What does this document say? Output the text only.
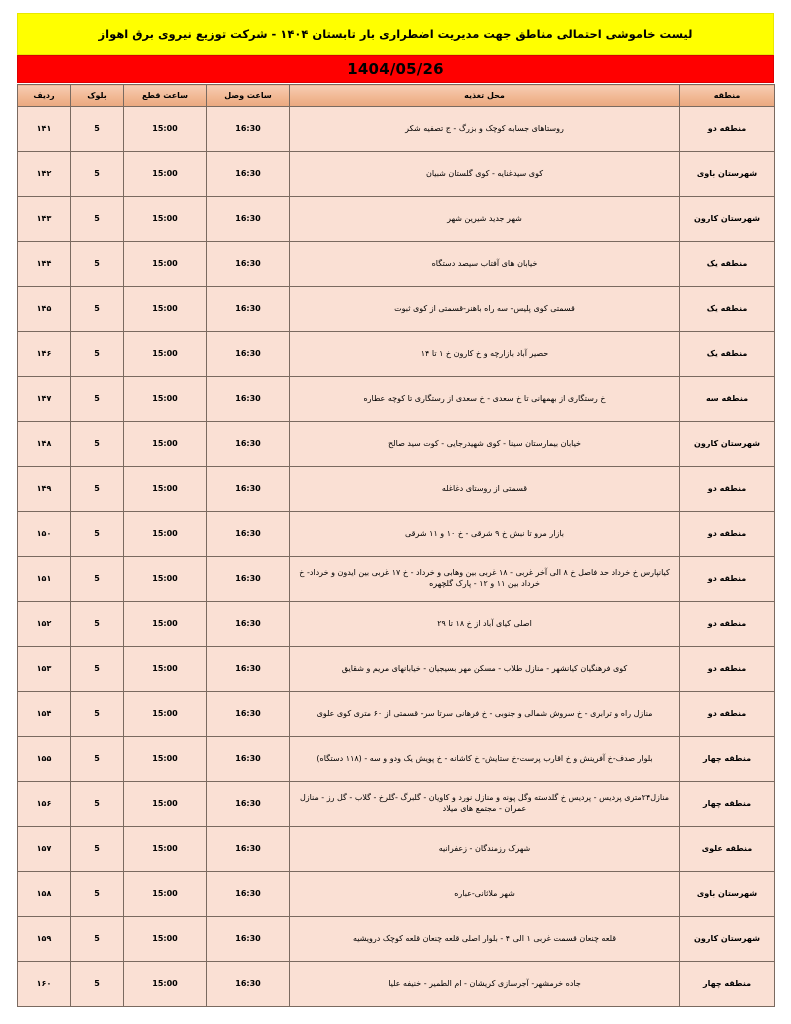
لیست خاموشی احتمالی مناطق جهت مدیریت اضطراری بار تابستان ۱۴۰۴ - شرکت توزیع نیروی برق اهواز
1404/05/26
منطقه	محل تغذیه	ساعت وصل	ساعت قطع	بلوک	ردیف
منطقه دو	روستاهای جسابه کوچک و بزرگ - ج تصفیه شکر	16:30	15:00	5	۱۴۱
شهرستان باوی	کوی سیدغنایه - کوی گلستان شبیان	16:30	15:00	5	۱۴۲
شهرستان کارون	شهر جدید شیرین شهر	16:30	15:00	5	۱۴۳
منطقه یک	خیابان های آفتاب سیصد دستگاه	16:30	15:00	5	۱۴۴
منطقه یک	قسمتی کوی پلیس- سه راه باهنر-قسمتی از کوی ثبوت	16:30	15:00	5	۱۴۵
منطقه یک	حصیر آباد بازارچه و خ کارون خ ۱ تا ۱۴	16:30	15:00	5	۱۴۶
منطقه سه	خ رستگاری از بهمهانی تا خ سعدی - خ سعدی از رستگاری تا کوچه عطاره	16:30	15:00	5	۱۴۷
شهرستان کارون	خیابان بیمارستان سینا - کوی شهیدرجایی - کوت سید صالح	16:30	15:00	5	۱۴۸
منطقه دو	قسمتی از روستای دغاغله	16:30	15:00	5	۱۴۹
منطقه دو	بازار مرو تا نبش خ ۹ شرقی - خ ۱۰ و ۱۱ شرقی	16:30	15:00	5	۱۵۰
منطقه دو	کیانپارس خ خرداد حد فاصل خ ۸ الی آخر غربی - ۱۸ غربی بین وهابی و خرداد - خ ۱۷ غربی بین ایدون و خرداد- خ خرداد بین ۱۱ و ۱۲ - پارک گلچهره	16:30	15:00	5	۱۵۱
منطقه دو	اصلی کیای آباد از خ ۱۸ تا ۲۹	16:30	15:00	5	۱۵۲
منطقه دو	کوی فرهنگیان کیانشهر - منازل طلاب - مسکن مهر بسیجیان - خیابانهای مریم و شقایق	16:30	15:00	5	۱۵۳
منطقه دو	منازل راه و ترابری - خ سروش شمالی و جنوبی - خ فرهانی سرتا سر- قسمتی از ۶۰ متری کوی علوی	16:30	15:00	5	۱۵۴
منطقه چهار	بلوار صدف-خ آفرینش و خ اقارب پرست-خ ستایش- خ کاشانه - خ پویش یک ودو و سه - (۱۱۸ دستگاه)	16:30	15:00	5	۱۵۵
منطقه چهار	منازل۲۴متری پردیس - پردیس خ گلدسته وگل پونه و منازل نورد و کاویان - گلبرگ -گلرخ - گلاب - گل رز - منازل عمران - مجتمع های میلاد	16:30	15:00	5	۱۵۶
منطقه علوی	شهرک رزمندگان - زعفرانیه	16:30	15:00	5	۱۵۷
شهرستان باوی	شهر ملاثانی-عباره	16:30	15:00	5	۱۵۸
شهرستان کارون	قلعه چنعان قسمت غربی ۱ الی ۴ - بلوار اصلی قلعه چنعان قلعه کوچک درویشیه	16:30	15:00	5	۱۵۹
منطقه چهار	جاده خرمشهر- آجرسازی کریشان - ام الطمیر - خنیفه علیا	16:30	15:00	5	۱۶۰
